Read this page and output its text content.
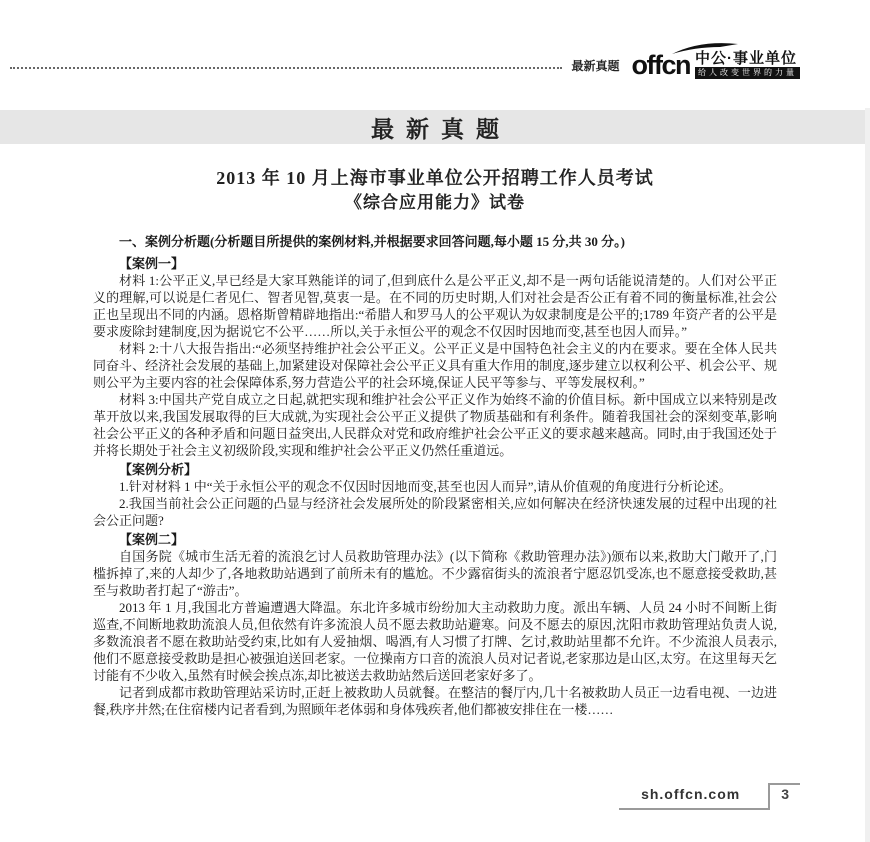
最新真题 offcn 中公·事业单位
给人改变世界的力量
最新真题
2013 年 10 月上海市事业单位公开招聘工作人员考试
《综合应用能力》试卷

一、案例分析题(分析题目所提供的案例材料,并根据要求回答问题,每小题 15 分,共 30 分。)

【案例一】

材料 1:公平正义,早已经是大家耳熟能详的词了,但到底什么是公平正义,却不是一两句话能说清楚的。人们对公平正义的理解,可以说是仁者见仁、智者见智,莫衷一是。在不同的历史时期,人们对社会是否公正有着不同的衡量标准,社会公正也呈现出不同的内涵。恩格斯曾精辟地指出:“希腊人和罗马人的公平观认为奴隶制度是公平的;1789 年资产者的公平是要求废除封建制度,因为据说它不公平……所以,关于永恒公平的观念不仅因时因地而变,甚至也因人而异。”

材料 2:十八大报告指出:“必须坚持维护社会公平正义。公平正义是中国特色社会主义的内在要求。要在全体人民共同奋斗、经济社会发展的基础上,加紧建设对保障社会公平正义具有重大作用的制度,逐步建立以权利公平、机会公平、规则公平为主要内容的社会保障体系,努力营造公平的社会环境,保证人民平等参与、平等发展权利。”

材料 3:中国共产党自成立之日起,就把实现和维护社会公平正义作为始终不渝的价值目标。新中国成立以来特别是改革开放以来,我国发展取得的巨大成就,为实现社会公平正义提供了物质基础和有利条件。随着我国社会的深刻变革,影响社会公平正义的各种矛盾和问题日益突出,人民群众对党和政府维护社会公平正义的要求越来越高。同时,由于我国还处于并将长期处于社会主义初级阶段,实现和维护社会公平正义仍然任重道远。

【案例分析】

1.针对材料 1 中“关于永恒公平的观念不仅因时因地而变,甚至也因人而异”,请从价值观的角度进行分析论述。

2.我国当前社会公正问题的凸显与经济社会发展所处的阶段紧密相关,应如何解决在经济快速发展的过程中出现的社会公正问题?

【案例二】

自国务院《城市生活无着的流浪乞讨人员救助管理办法》(以下简称《救助管理办法》)颁布以来,救助大门敞开了,门槛拆掉了,来的人却少了,各地救助站遇到了前所未有的尴尬。不少露宿街头的流浪者宁愿忍饥受冻,也不愿意接受救助,甚至与救助者打起了“游击”。

2013 年 1 月,我国北方普遍遭遇大降温。东北许多城市纷纷加大主动救助力度。派出车辆、人员 24 小时不间断上街巡查,不间断地救助流浪人员,但依然有许多流浪人员不愿去救助站避寒。问及不愿去的原因,沈阳市救助管理站负责人说,多数流浪者不愿在救助站受约束,比如有人爱抽烟、喝酒,有人习惯了打牌、乞讨,救助站里都不允许。不少流浪人员表示,他们不愿意接受救助是担心被强迫送回老家。一位操南方口音的流浪人员对记者说,老家那边是山区,太穷。在这里每天乞讨能有不少收入,虽然有时候会挨点冻,却比被送去救助站然后送回老家好多了。

记者到成都市救助管理站采访时,正赶上被救助人员就餐。在整洁的餐厅内,几十名被救助人员正一边看电视、一边进餐,秩序井然;在住宿楼内记者看到,为照顾年老体弱和身体残疾者,他们都被安排住在一楼……

sh.offcn.com	3
